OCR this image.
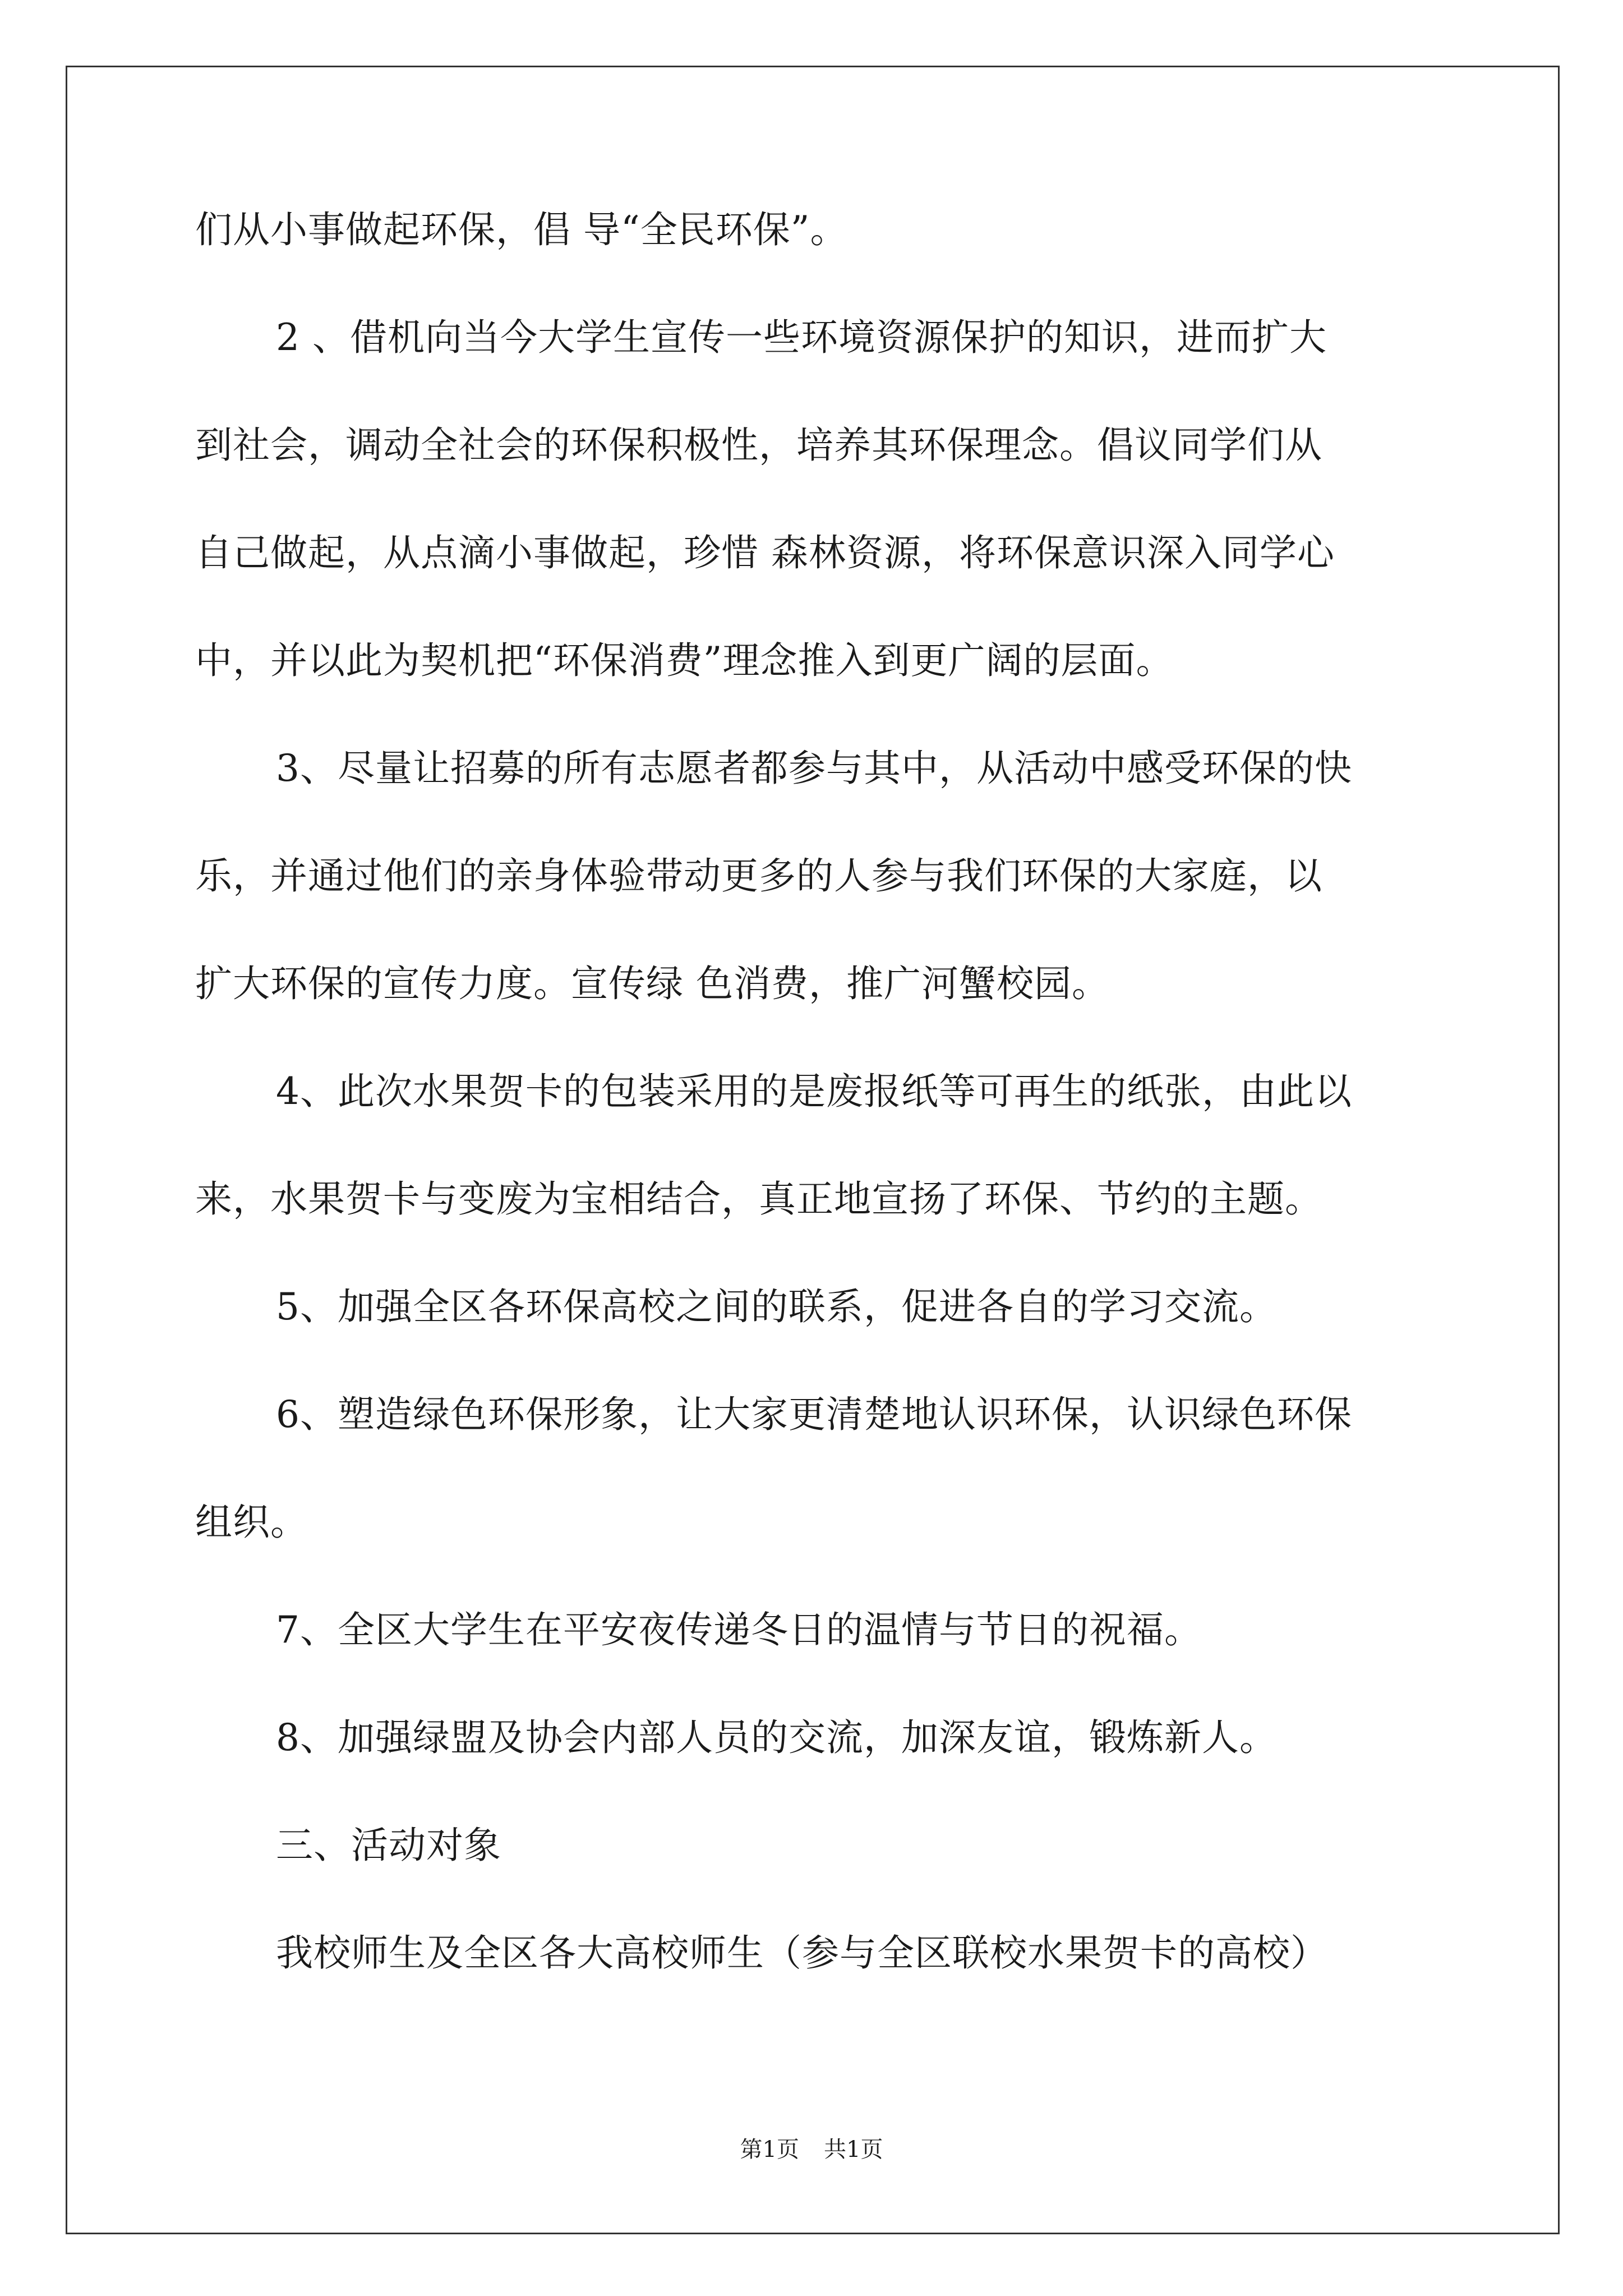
们从小事做起环保，倡 导“全民环保”。
2 、借机向当今大学生宣传一些环境资源保护的知识，进而扩大
到社会，调动全社会的环保积极性，培养其环保理念。倡议同学们从
自己做起，从点滴小事做起，珍惜 森林资源，将环保意识深入同学心
中，并以此为契机把“环保消费”理念推入到更广阔的层面。
3、尽量让招募的所有志愿者都参与其中，从活动中感受环保的快
乐，并通过他们的亲身体验带动更多的人参与我们环保的大家庭，以
扩大环保的宣传力度。宣传绿 色消费，推广河蟹校园。
4、此次水果贺卡的包装采用的是废报纸等可再生的纸张，由此以
来，水果贺卡与变废为宝相结合，真正地宣扬了环保、节约的主题。
5、加强全区各环保高校之间的联系，促进各自的学习交流。
6、塑造绿色环保形象，让大家更清楚地认识环保，认识绿色环保
组织。
7、全区大学生在平安夜传递冬日的温情与节日的祝福。
8、加强绿盟及协会内部人员的交流，加深友谊，锻炼新人。
三、活动对象
我校师生及全区各大高校师生（参与全区联校水果贺卡的高校）
第1页 共1页
